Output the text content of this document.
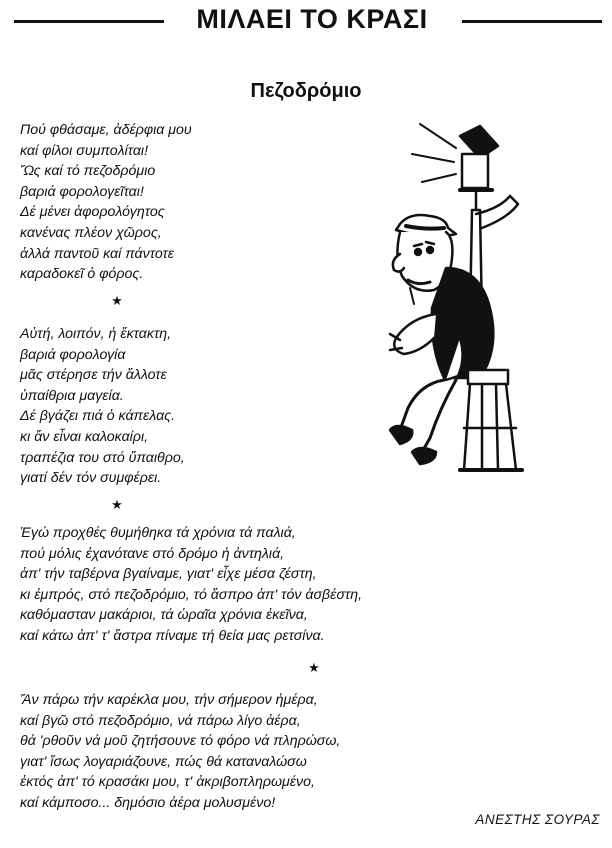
ΜΙΛΑΕΙ ΤΟ ΚΡΑΣΙ
Πεζοδρόμιο
Πού φθάσαμε, ἀδέρφια μου
καί φίλοι συμπολίται!
Ὤς καί τό πεζοδρόμιο
βαριά φορολογεῖται!
Δέ μένει ἀφορολόγητος
κανένας πλέον χῶρος,
ἀλλά παντοῦ καί πάντοτε
καραδοκεῖ ὁ φόρος.
★
Αὐτή, λοιπόν, ἡ ἔκτακτη,
βαριά φορολογία
μᾶς στέρησε τήν ἄλλοτε
ὑπαίθρια μαγεία.
Δέ βγάζει πιά ὁ κάπελας.
κι ἄν εἶναι καλοκαίρι,
τραπέζια του στό ὕπαιθρο,
γιατί δέν τόν συμφέρει.
★
Ἐγώ προχθές θυμήθηκα τά χρόνια τά παλιά,
πού μόλις ἐχανότανε στό δρόμο ἡ ἀντηλιά,
ἀπ' τήν ταβέρνα βγαίναμε, γιατ' εἶχε μέσα ζέστη,
κι ἐμπρός, στό πεζοδρόμιο, τό ἄσπρο ἀπ' τόν ἀσβέστη,
καθόμασταν μακάριοι, τά ὡραῖα χρόνια ἐκεῖνα,
καί κάτω ἀπ' τ' ἄστρα πίναμε τή θεία μας ρετσίνα.
★
Ἄν πάρω τήν καρέκλα μου, τήν σήμερον ἡμέρα,
καί βγῶ στό πεζοδρόμιο, νά πάρω λίγο ἀέρα,
θά 'ρθοῦν νά μοῦ ζητήσουνε τό φόρο νά πληρώσω,
γιατ' ἴσως λογαριάζουνε, πώς θά καταναλώσω
ἐκτός ἀπ' τό κρασάκι μου, τ' ἀκριβοπληρωμένο,
καί κάμποσο... δημόσιο ἀέρα μολυσμένο!
ΑΝΕΣΤΗΣ ΣΟΥΡΑΣ
